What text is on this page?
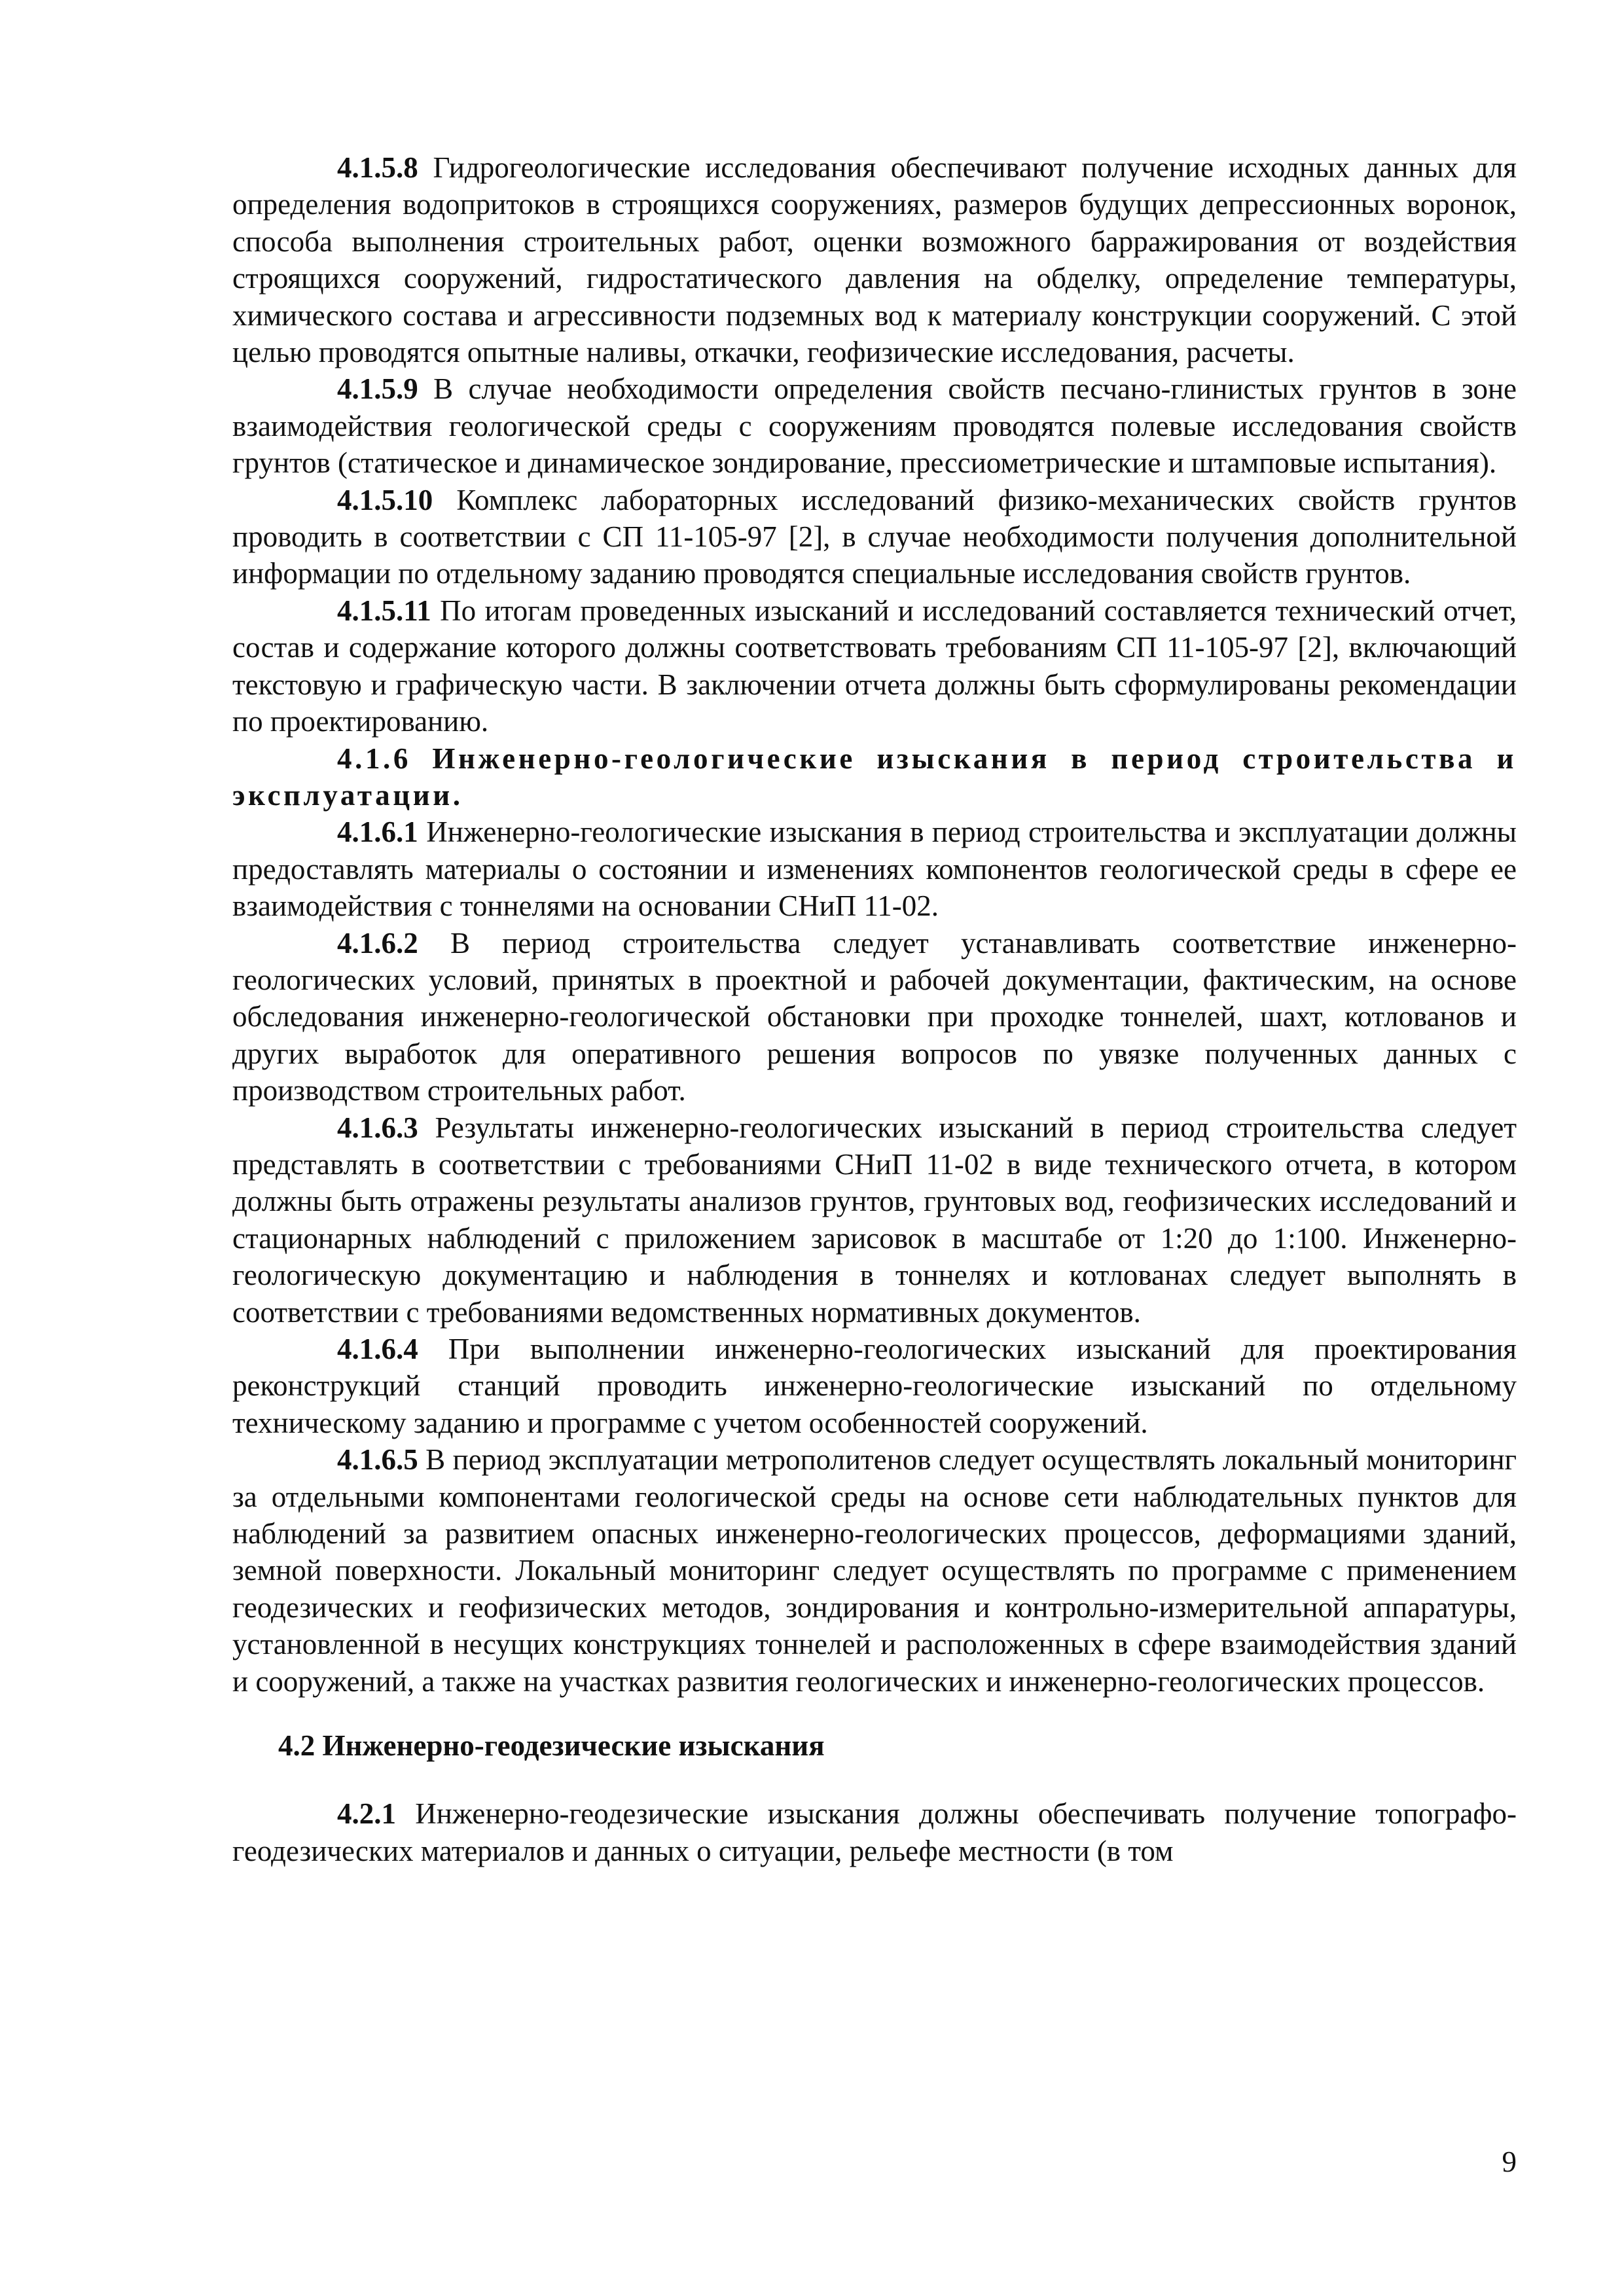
4.1.5.8 Гидрогеологические исследования обеспечивают получение исходных данных для определения водопритоков в строящихся сооружениях, размеров будущих депрессионных воронок, способа выполнения строительных работ, оценки возможного барражирования от воздействия строящихся сооружений, гидростатического давления на обделку, определение температуры, химического состава и агрессивности подземных вод к материалу конструкции сооружений. С этой целью проводятся опытные наливы, откачки, геофизические исследования, расчеты.

4.1.5.9 В случае необходимости определения свойств песчано-глинистых грунтов в зоне взаимодействия геологической среды с сооружениям проводятся полевые исследования свойств грунтов (статическое и динамическое зондирование, прессиометрические и штамповые испытания).

4.1.5.10 Комплекс лабораторных исследований физико-механических свойств грунтов проводить в соответствии с СП 11-105-97 [2], в случае необходимости получения дополнительной информации по отдельному заданию проводятся специальные исследования свойств грунтов.

4.1.5.11 По итогам проведенных изысканий и исследований составляется технический отчет, состав и содержание которого должны соответствовать требованиям СП 11-105-97 [2], включающий текстовую и графическую части. В заключении отчета должны быть сформулированы рекомендации по проектированию.

4.1.6 Инженерно-геологические изыскания в период строительства и эксплуатации.

4.1.6.1 Инженерно-геологические изыскания в период строительства и эксплуатации должны предоставлять материалы о состоянии и изменениях компонентов геологической среды в сфере ее взаимодействия с тоннелями на основании СНиП 11-02.

4.1.6.2 В период строительства следует устанавливать соответствие инженерно-геологических условий, принятых в проектной и рабочей документации, фактическим, на основе обследования инженерно-геологической обстановки при проходке тоннелей, шахт, котлованов и других выработок для оперативного решения вопросов по увязке полученных данных с производством строительных работ.

4.1.6.3 Результаты инженерно-геологических изысканий в период строительства следует представлять в соответствии с требованиями СНиП 11-02 в виде технического отчета, в котором должны быть отражены результаты анализов грунтов, грунтовых вод, геофизических исследований и стационарных наблюдений с приложением зарисовок в масштабе от 1:20 до 1:100. Инженерно-геологическую документацию и наблюдения в тоннелях и котлованах следует выполнять в соответствии с требованиями ведомственных нормативных документов.

4.1.6.4 При выполнении инженерно-геологических изысканий для проектирования реконструкций станций проводить инженерно-геологические изысканий по отдельному техническому заданию и программе с учетом особенностей сооружений.

4.1.6.5 В период эксплуатации метрополитенов следует осуществлять локальный мониторинг за отдельными компонентами геологической среды на основе сети наблюдательных пунктов для наблюдений за развитием опасных инженерно-геологических процессов, деформациями зданий, земной поверхности. Локальный мониторинг следует осуществлять по программе с применением геодезических и геофизических методов, зондирования и контрольно-измерительной аппаратуры, установленной в несущих конструкциях тоннелей и расположенных в сфере взаимодействия зданий и сооружений, а также на участках развития геологических и инженерно-геологических процессов.

4.2 Инженерно-геодезические изыскания

4.2.1 Инженерно-геодезические изыскания должны обеспечивать получение топографо-геодезических материалов и данных о ситуации, рельефе местности (в том

9
